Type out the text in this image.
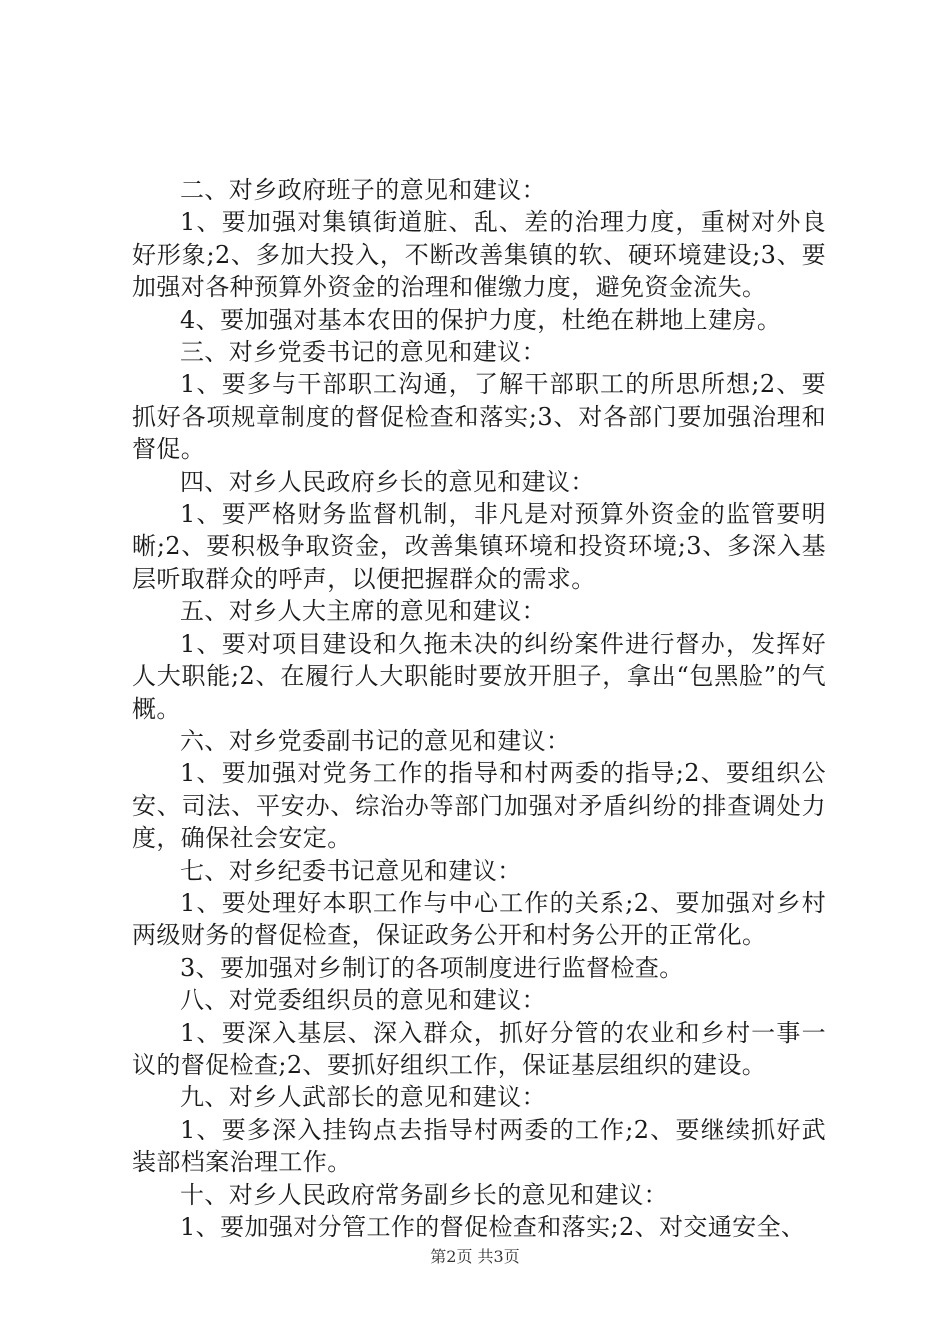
二、对乡政府班子的意见和建议：

1、要加强对集镇街道脏、乱、差的治理力度，重树对外良好形象;2、多加大投入，不断改善集镇的软、硬环境建设;3、要加强对各种预算外资金的治理和催缴力度，避免资金流失。

4、要加强对基本农田的保护力度，杜绝在耕地上建房。

三、对乡党委书记的意见和建议：

1、要多与干部职工沟通，了解干部职工的所思所想;2、要抓好各项规章制度的督促检查和落实;3、对各部门要加强治理和督促。

四、对乡人民政府乡长的意见和建议：

1、要严格财务监督机制，非凡是对预算外资金的监管要明晰;2、要积极争取资金，改善集镇环境和投资环境;3、多深入基层听取群众的呼声，以便把握群众的需求。

五、对乡人大主席的意见和建议：

1、要对项目建设和久拖未决的纠纷案件进行督办，发挥好人大职能;2、在履行人大职能时要放开胆子，拿出“包黑脸”的气概。

六、对乡党委副书记的意见和建议：

1、要加强对党务工作的指导和村两委的指导;2、要组织公安、司法、平安办、综治办等部门加强对矛盾纠纷的排查调处力度，确保社会安定。

七、对乡纪委书记意见和建议：

1、要处理好本职工作与中心工作的关系;2、要加强对乡村两级财务的督促检查，保证政务公开和村务公开的正常化。

3、要加强对乡制订的各项制度进行监督检查。

八、对党委组织员的意见和建议：

1、要深入基层、深入群众，抓好分管的农业和乡村一事一议的督促检查;2、要抓好组织工作，保证基层组织的建设。

九、对乡人武部长的意见和建议：

1、要多深入挂钩点去指导村两委的工作;2、要继续抓好武装部档案治理工作。

十、对乡人民政府常务副乡长的意见和建议：

1、要加强对分管工作的督促检查和落实;2、对交通安全、

第2页 共3页
